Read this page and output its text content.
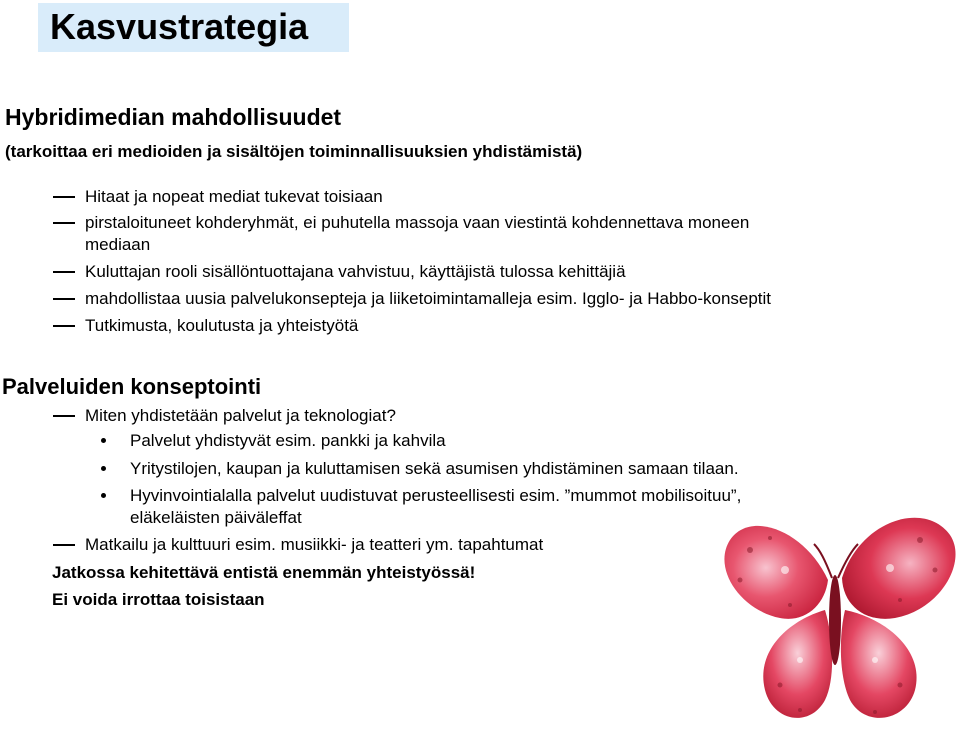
Kasvustrategia
Hybridimedian mahdollisuudet
(tarkoittaa eri medioiden ja sisältöjen toiminnallisuuksien yhdistämistä)
Hitaat ja nopeat mediat tukevat toisiaan
pirstaloituneet kohderyhmät, ei puhutella massoja vaan viestintä kohdennettava moneen
mediaan
Kuluttajan rooli sisällöntuottajana vahvistuu, käyttäjistä tulossa kehittäjiä
mahdollistaa uusia palvelukonsepteja ja liiketoimintamalleja esim. Igglo- ja Habbo-konseptit
Tutkimusta, koulutusta ja yhteistyötä
Palveluiden konseptointi
Miten yhdistetään palvelut ja teknologiat?
Palvelut yhdistyvät esim. pankki ja kahvila
Yritystilojen, kaupan ja kuluttamisen sekä asumisen yhdistäminen samaan tilaan.
Hyvinvointialalla palvelut uudistuvat perusteellisesti esim. ”mummot mobilisoituu”,
eläkeläisten päiväleffat
Matkailu ja kulttuuri esim. musiikki- ja teatteri ym. tapahtumat
Jatkossa kehitettävä entistä enemmän yhteistyössä!
Ei voida irrottaa toisistaan
